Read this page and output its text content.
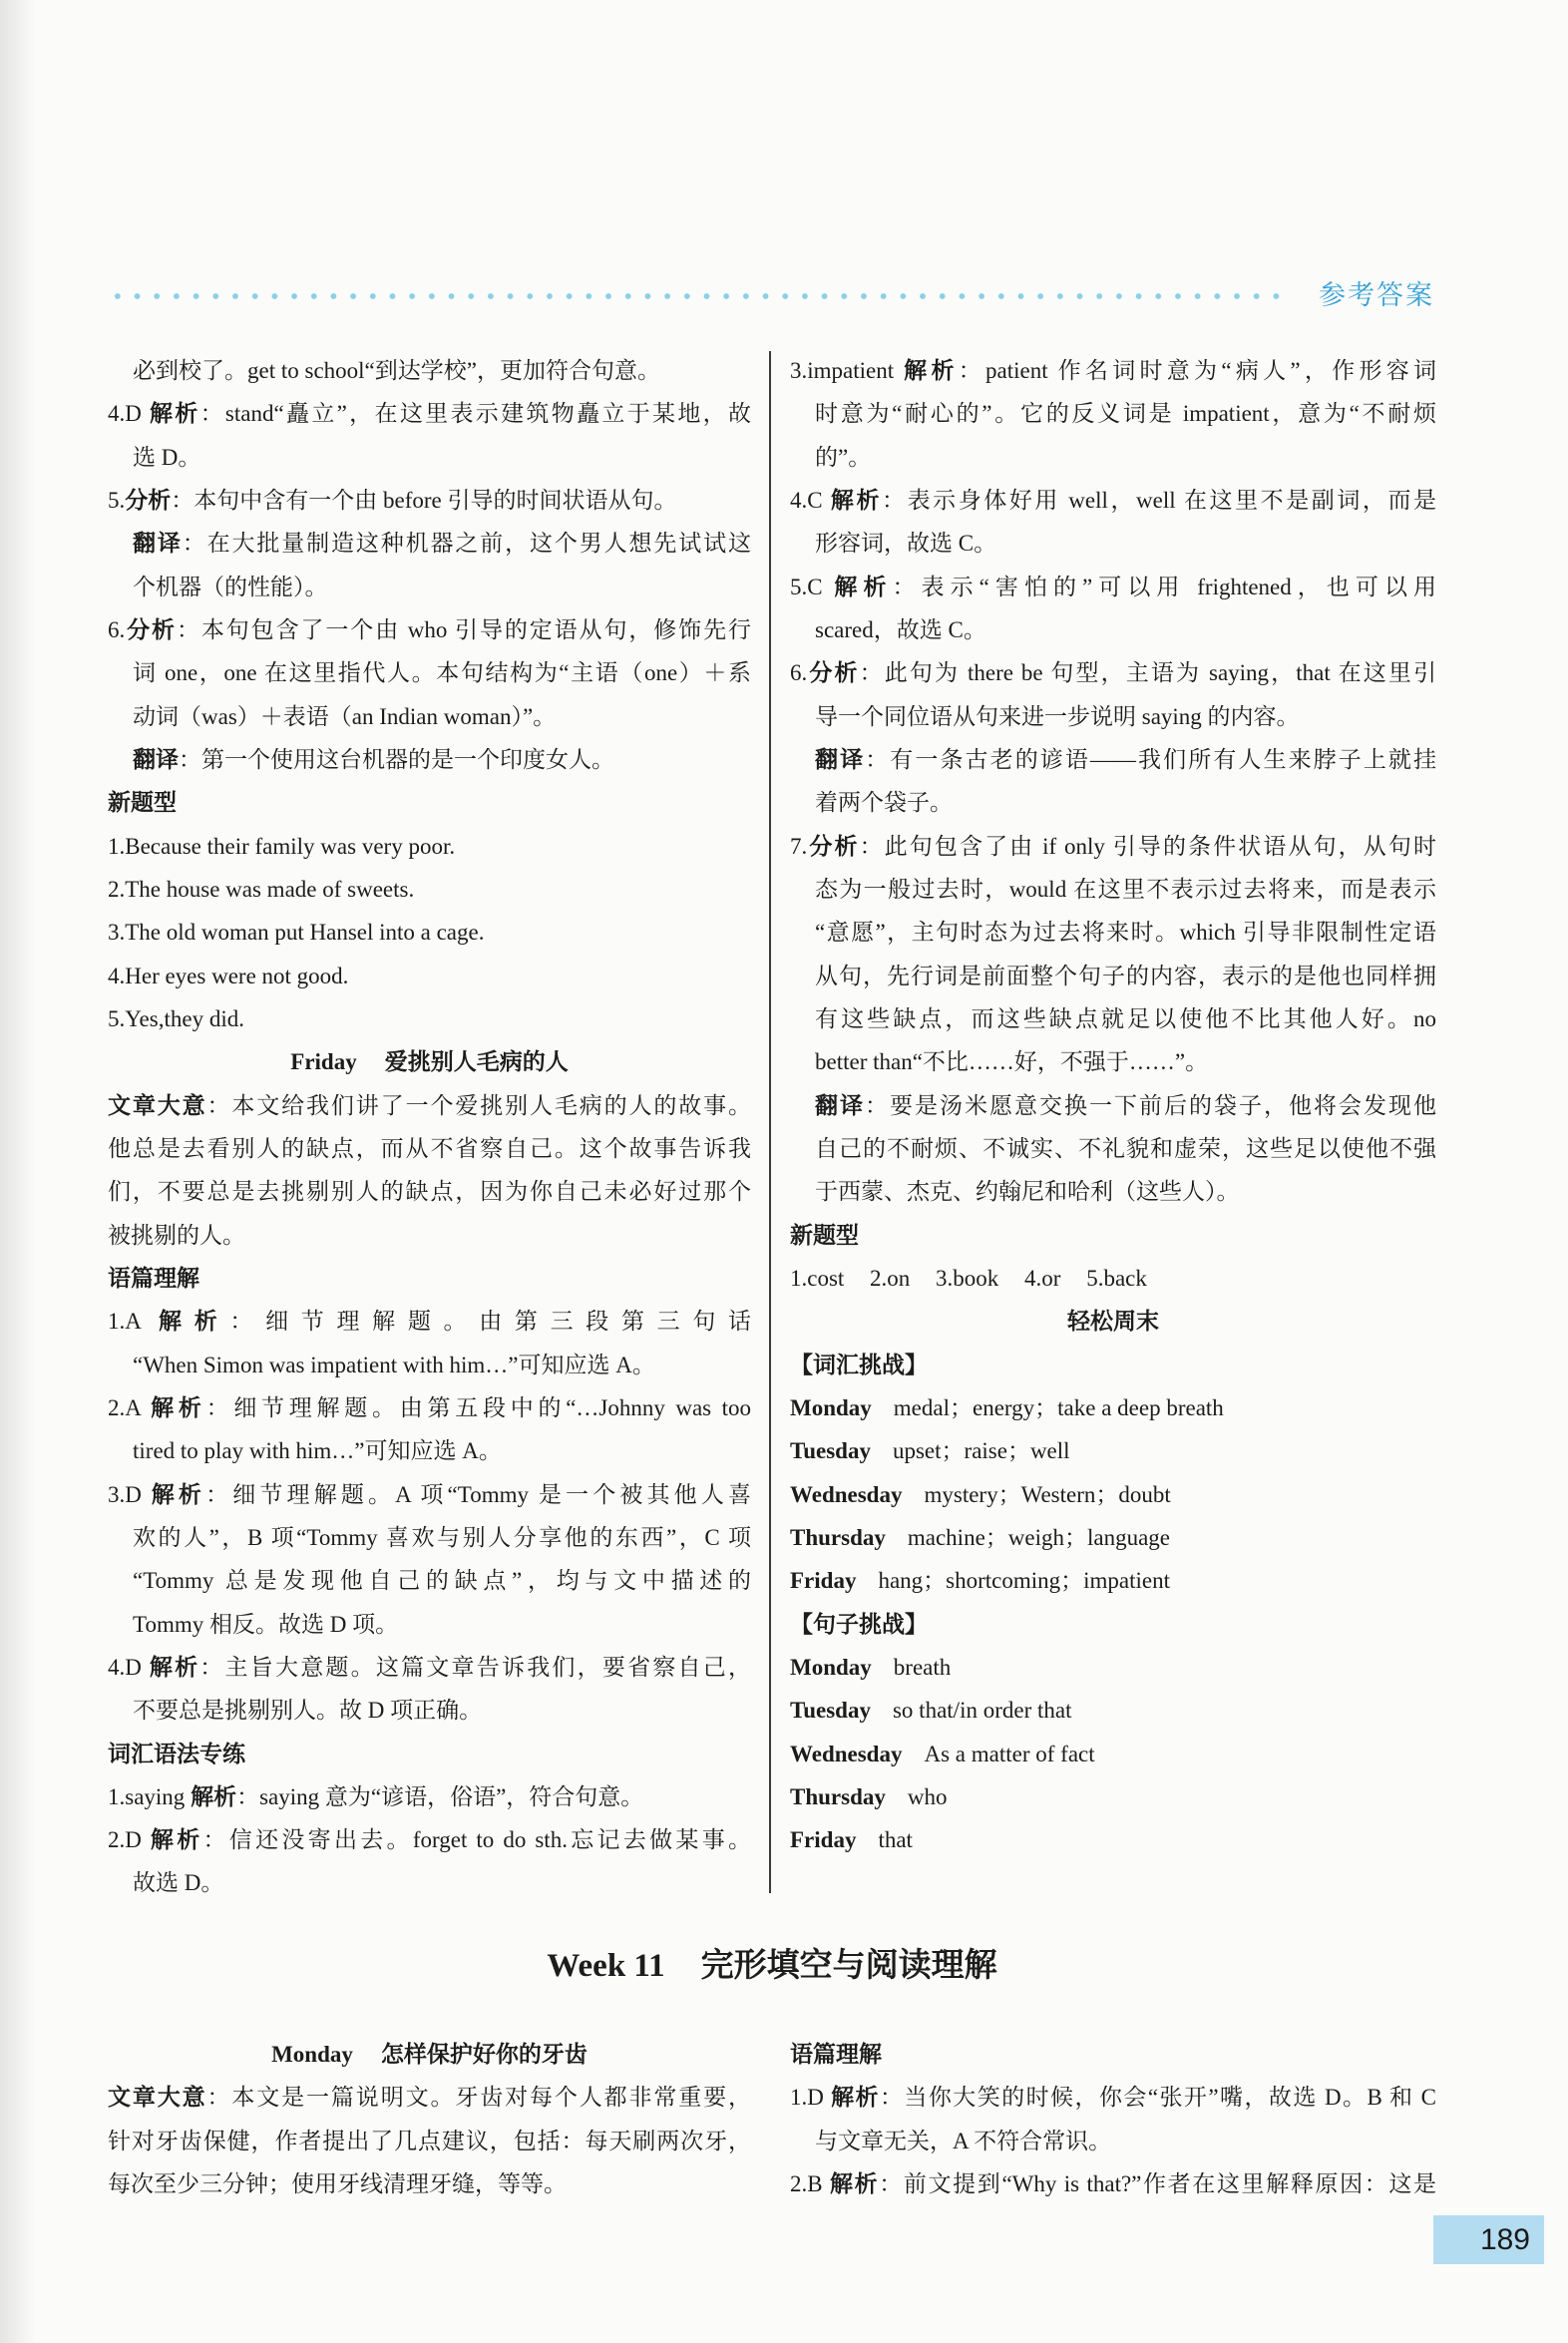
参考答案
必到校了。get to school“到达学校”，更加符合句意。
4.D 解析：stand“矗立”，在这里表示建筑物矗立于某地，故
选 D。
5.分析：本句中含有一个由 before 引导的时间状语从句。
翻译：在大批量制造这种机器之前，这个男人想先试试这
个机器（的性能）。
6.分析：本句包含了一个由 who 引导的定语从句，修饰先行
词 one，one 在这里指代人。本句结构为“主语（one）＋系
动词（was）＋表语（an Indian woman）”。
翻译：第一个使用这台机器的是一个印度女人。
新题型
1.Because their family was very poor.
2.The house was made of sweets.
3.The old woman put Hansel into a cage.
4.Her eyes were not good.
5.Yes,they did.
Friday 爱挑别人毛病的人
文章大意：本文给我们讲了一个爱挑别人毛病的人的故事。
他总是去看别人的缺点，而从不省察自己。这个故事告诉我
们，不要总是去挑剔别人的缺点，因为你自己未必好过那个
被挑剔的人。
语篇理解
1.A 解析：细节理解题。由第三段第三句话
“When Simon was impatient with him…”可知应选 A。
2.A 解析：细节理解题。由第五段中的“…Johnny was too
tired to play with him…”可知应选 A。
3.D 解析：细节理解题。A 项“Tommy 是一个被其他人喜
欢的人”，B 项“Tommy 喜欢与别人分享他的东西”，C 项
“Tommy 总是发现他自己的缺点”，均与文中描述的
Tommy 相反。故选 D 项。
4.D 解析：主旨大意题。这篇文章告诉我们，要省察自己，
不要总是挑剔别人。故 D 项正确。
词汇语法专练
1.saying 解析：saying 意为“谚语，俗语”，符合句意。
2.D 解析：信还没寄出去。forget to do sth.忘记去做某事。
故选 D。
3.impatient 解析：patient 作名词时意为“病人”，作形容词
时意为“耐心的”。它的反义词是 impatient，意为“不耐烦
的”。
4.C 解析：表示身体好用 well，well 在这里不是副词，而是
形容词，故选 C。
5.C 解析：表示“害怕的”可以用 frightened，也可以用
scared，故选 C。
6.分析：此句为 there be 句型，主语为 saying，that 在这里引
导一个同位语从句来进一步说明 saying 的内容。
翻译：有一条古老的谚语——我们所有人生来脖子上就挂
着两个袋子。
7.分析：此句包含了由 if only 引导的条件状语从句，从句时
态为一般过去时，would 在这里不表示过去将来，而是表示
“意愿”，主句时态为过去将来时。which 引导非限制性定语
从句，先行词是前面整个句子的内容，表示的是他也同样拥
有这些缺点，而这些缺点就足以使他不比其他人好。no
better than“不比……好，不强于……”。
翻译：要是汤米愿意交换一下前后的袋子，他将会发现他
自己的不耐烦、不诚实、不礼貌和虚荣，这些足以使他不强
于西蒙、杰克、约翰尼和哈利（这些人）。
新题型
1.cost 2.on 3.book 4.or 5.back
轻松周末
【词汇挑战】
Monday medal；energy；take a deep breath
Tuesday upset；raise；well
Wednesday mystery；Western；doubt
Thursday machine；weigh；language
Friday hang；shortcoming；impatient
【句子挑战】
Monday breath
Tuesday so that/in order that
Wednesday As a matter of fact
Thursday who
Friday that
Week 11 完形填空与阅读理解
Monday 怎样保护好你的牙齿
文章大意：本文是一篇说明文。牙齿对每个人都非常重要，
针对牙齿保健，作者提出了几点建议，包括：每天刷两次牙，
每次至少三分钟；使用牙线清理牙缝，等等。
语篇理解
1.D 解析：当你大笑的时候，你会“张开”嘴，故选 D。B 和 C
与文章无关，A 不符合常识。
2.B 解析：前文提到“Why is that?”作者在这里解释原因：这是
189
